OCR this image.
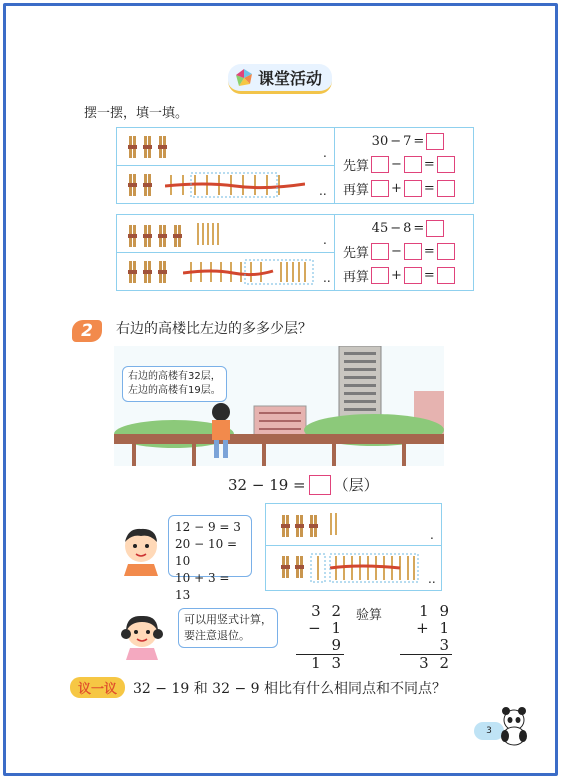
课堂活动
摆一摆，填一填。
.
..
30 − 7 =
先算 − =
再算 + =
.
..
45 − 8 =
先算 − =
再算 + =
2	右边的高楼比左边的多多少层？
右边的高楼有32层，
左边的高楼有19层。
32 − 19 = （层）
12 − 9 = 3
20 − 10 = 10
10 + 3 = 13
.
..
可以用竖式计算，
要注意退位。
3 2
− 1 9
1 3
验算	1 9
+ 1 3
3 2
议一议	32 − 19 和 32 − 9 相比有什么相同点和不同点？
3
